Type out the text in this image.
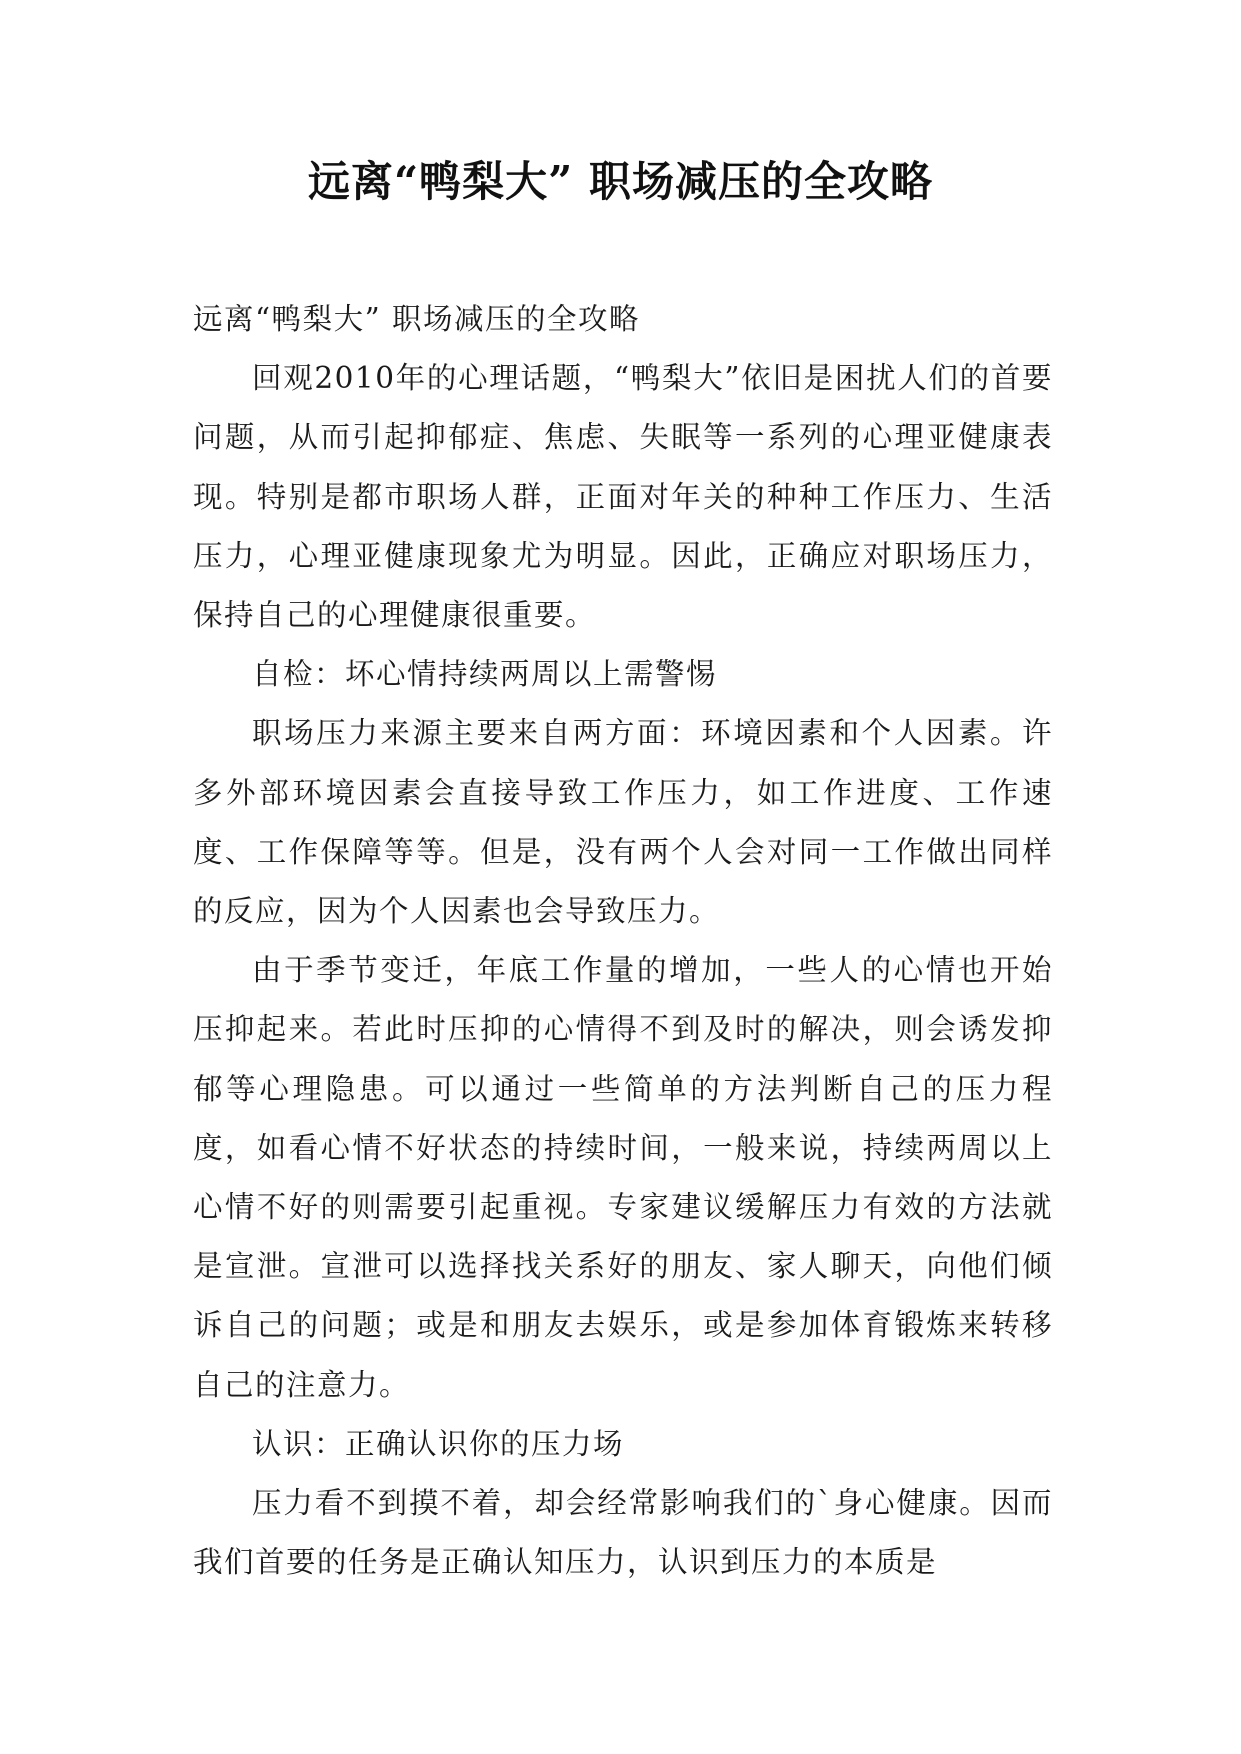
远离“鸭梨大” 职场减压的全攻略

远离“鸭梨大” 职场减压的全攻略

回观2010年的心理话题，“鸭梨大”依旧是困扰人们的首要问题，从而引起抑郁症、焦虑、失眠等一系列的心理亚健康表现。特别是都市职场人群，正面对年关的种种工作压力、生活压力，心理亚健康现象尤为明显。因此，正确应对职场压力，保持自己的心理健康很重要。

自检：坏心情持续两周以上需警惕

职场压力来源主要来自两方面：环境因素和个人因素。许多外部环境因素会直接导致工作压力，如工作进度、工作速度、工作保障等等。但是，没有两个人会对同一工作做出同样的反应，因为个人因素也会导致压力。

由于季节变迁，年底工作量的增加，一些人的心情也开始压抑起来。若此时压抑的心情得不到及时的解决，则会诱发抑郁等心理隐患。可以通过一些简单的方法判断自己的压力程度，如看心情不好状态的持续时间，一般来说，持续两周以上心情不好的则需要引起重视。专家建议缓解压力有效的方法就是宣泄。宣泄可以选择找关系好的朋友、家人聊天，向他们倾诉自己的问题；或是和朋友去娱乐，或是参加体育锻炼来转移自己的注意力。

认识：正确认识你的压力场

压力看不到摸不着，却会经常影响我们的`身心健康。因而我们首要的任务是正确认知压力，认识到压力的本质是
